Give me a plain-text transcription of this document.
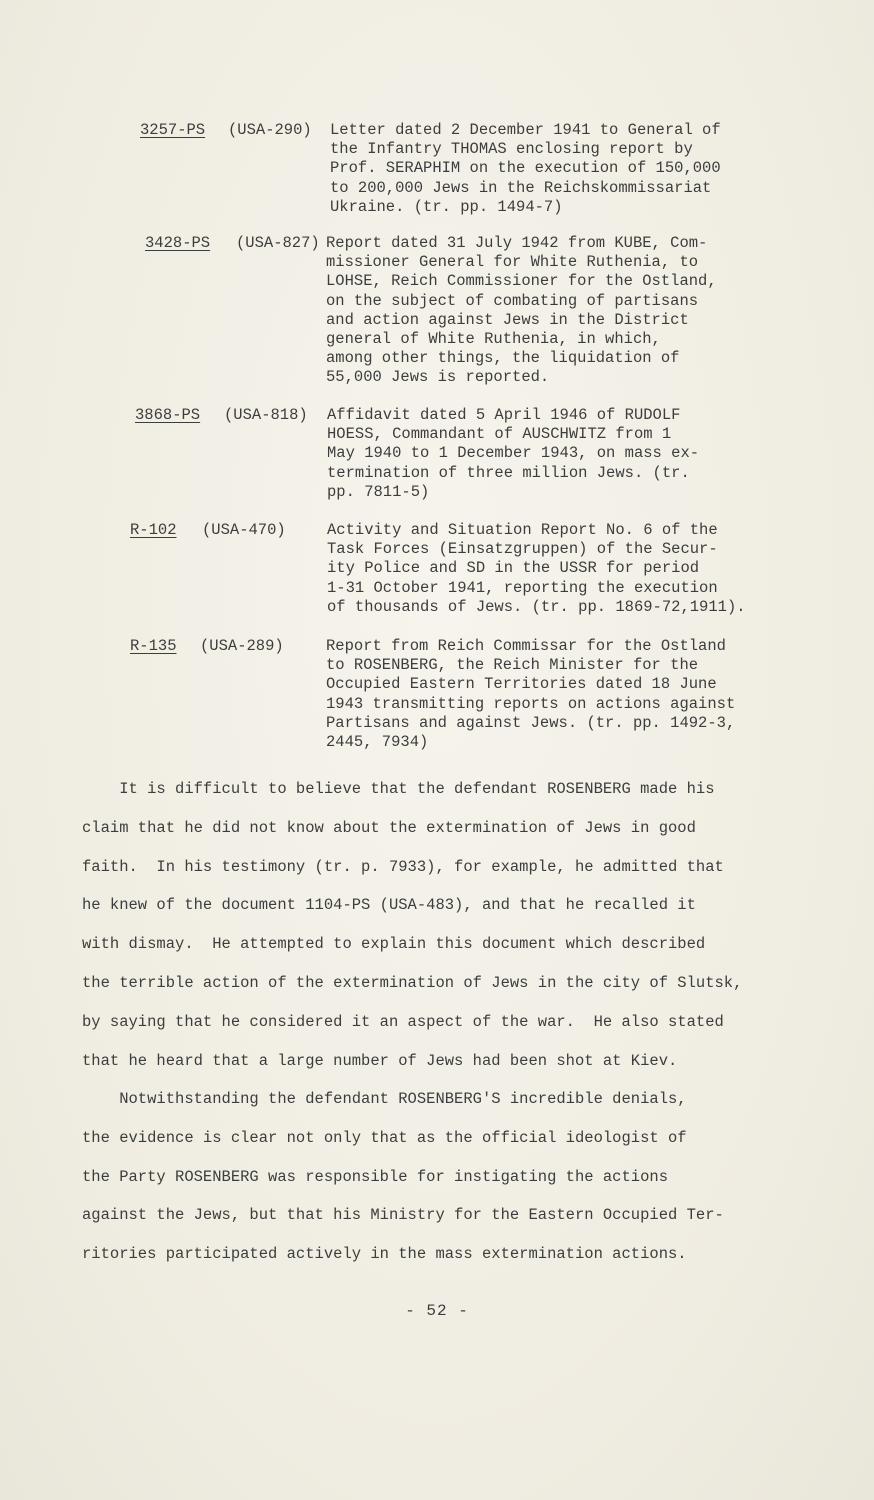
3257-PS (USA-290) Letter dated 2 December 1941 to General of
the Infantry THOMAS enclosing report by
Prof. SERAPHIM on the execution of 150,000
to 200,000 Jews in the Reichskommissariat
Ukraine. (tr. pp. 1494-7)
3428-PS (USA-827) Report dated 31 July 1942 from KUBE, Com-
missioner General for White Ruthenia, to
LOHSE, Reich Commissioner for the Ostland,
on the subject of combating of partisans
and action against Jews in the District
general of White Ruthenia, in which,
among other things, the liquidation of
55,000 Jews is reported.
3868-PS (USA-818) Affidavit dated 5 April 1946 of RUDOLF
HOESS, Commandant of AUSCHWITZ from 1
May 1940 to 1 December 1943, on mass ex-
termination of three million Jews. (tr.
pp. 7811-5)
R-102 (USA-470)	Activity and Situation Report No. 6 of the
Task Forces (Einsatzgruppen) of the Secur-
ity Police and SD in the USSR for period
1-31 October 1941, reporting the execution
of thousands of Jews. (tr. pp. 1869-72,1911).
R-135 (USA-289)	Report from Reich Commissar for the Ostland
to ROSENBERG, the Reich Minister for the
Occupied Eastern Territories dated 18 June
1943 transmitting reports on actions against
Partisans and against Jews. (tr. pp. 1492-3,
2445, 7934)
It is difficult to believe that the defendant ROSENBERG made his
claim that he did not know about the extermination of Jews in good
faith.  In his testimony (tr. p. 7933), for example, he admitted that
he knew of the document 1104-PS (USA-483), and that he recalled it
with dismay.  He attempted to explain this document which described
the terrible action of the extermination of Jews in the city of Slutsk,
by saying that he considered it an aspect of the war.  He also stated
that he heard that a large number of Jews had been shot at Kiev.
Notwithstanding the defendant ROSENBERG'S incredible denials,
the evidence is clear not only that as the official ideologist of
the Party ROSENBERG was responsible for instigating the actions
against the Jews, but that his Ministry for the Eastern Occupied Ter-
ritories participated actively in the mass extermination actions.
- 52 -
